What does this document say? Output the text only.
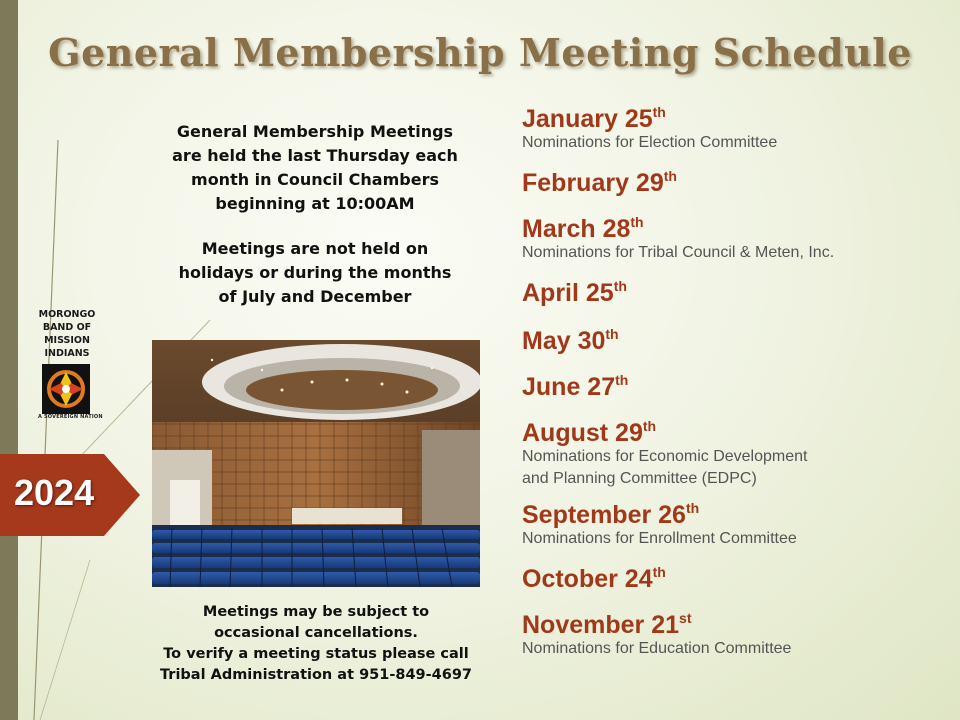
General Membership Meeting Schedule
2024
MORONGO
BAND OF
MISSION
INDIANS
A SOVEREIGN NATION

General Membership Meetings

are held the last Thursday each

month in Council Chambers

beginning at 10:00AM

Meetings are not held on

holidays or during the months

of July and December

Meetings may be subject to

occasional cancellations.

To verify a meeting status please call

Tribal Administration at 951-849-4697

January 25th
Nominations for Election Committee
February 29th
March 28th
Nominations for Tribal Council & Meten, Inc.
April 25th
May 30th
June 27th
August 29th
Nominations for Economic Development
and Planning Committee (EDPC)
September 26th
Nominations for Enrollment Committee
October 24th
November 21st
Nominations for Education Committee
